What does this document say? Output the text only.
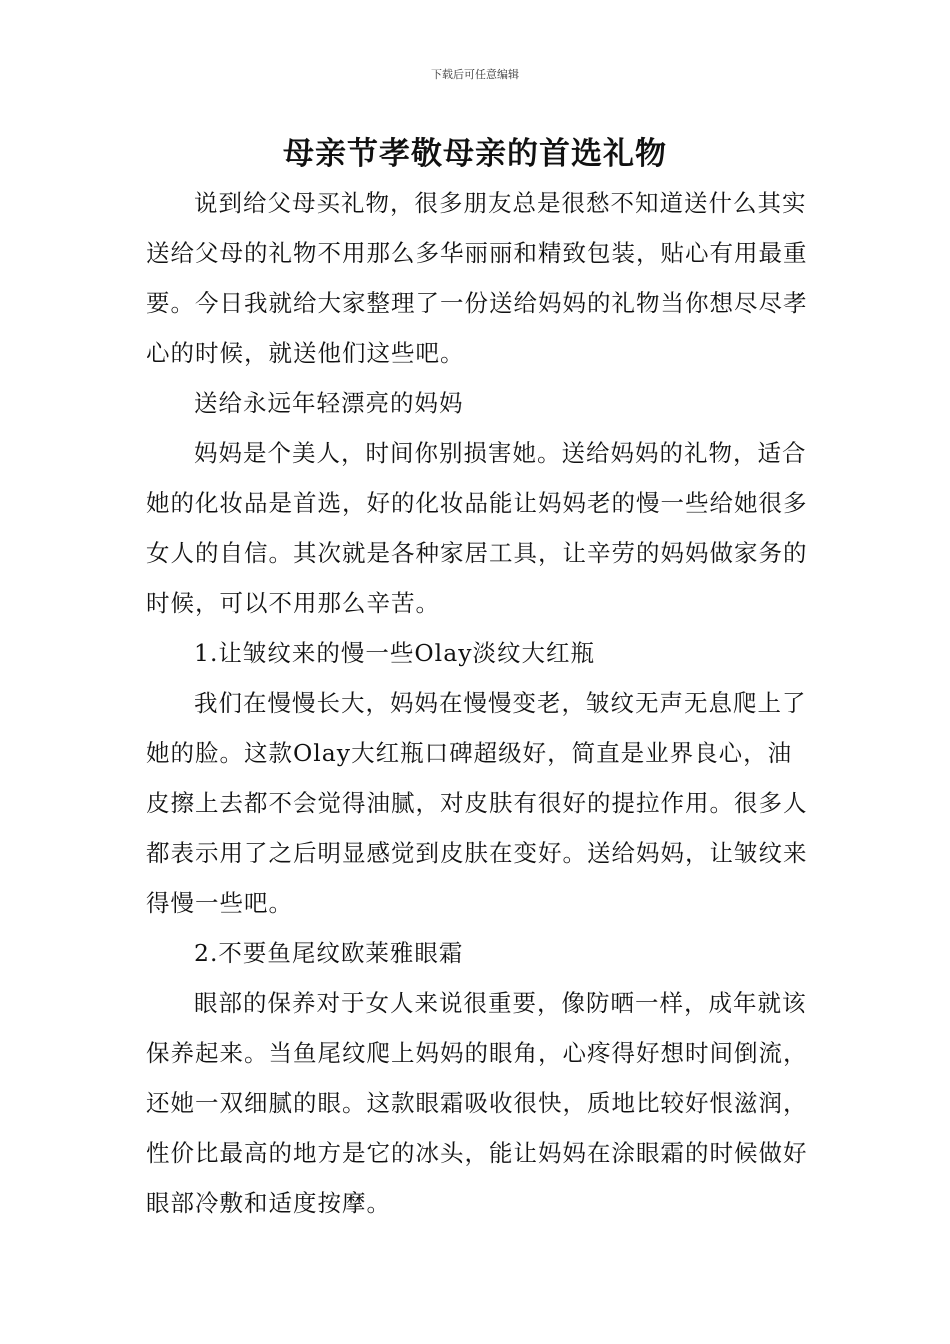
下载后可任意编辑
母亲节孝敬母亲的首选礼物

说到给父母买礼物，很多朋友总是很愁不知道送什么其实送给父母的礼物不用那么多华丽丽和精致包装，贴心有用最重要。今日我就给大家整理了一份送给妈妈的礼物当你想尽尽孝心的时候，就送他们这些吧。

送给永远年轻漂亮的妈妈

妈妈是个美人，时间你别损害她。送给妈妈的礼物，适合她的化妆品是首选，好的化妆品能让妈妈老的慢一些给她很多女人的自信。其次就是各种家居工具，让辛劳的妈妈做家务的时候，可以不用那么辛苦。

1.让皱纹来的慢一些Olay淡纹大红瓶

我们在慢慢长大，妈妈在慢慢变老，皱纹无声无息爬上了她的脸。这款Olay大红瓶口碑超级好，简直是业界良心，油皮擦上去都不会觉得油腻，对皮肤有很好的提拉作用。很多人都表示用了之后明显感觉到皮肤在变好。送给妈妈，让皱纹来得慢一些吧。

2.不要鱼尾纹欧莱雅眼霜

眼部的保养对于女人来说很重要，像防晒一样，成年就该保养起来。当鱼尾纹爬上妈妈的眼角，心疼得好想时间倒流，还她一双细腻的眼。这款眼霜吸收很快，质地比较好恨滋润，性价比最高的地方是它的冰头，能让妈妈在涂眼霜的时候做好眼部冷敷和适度按摩。
